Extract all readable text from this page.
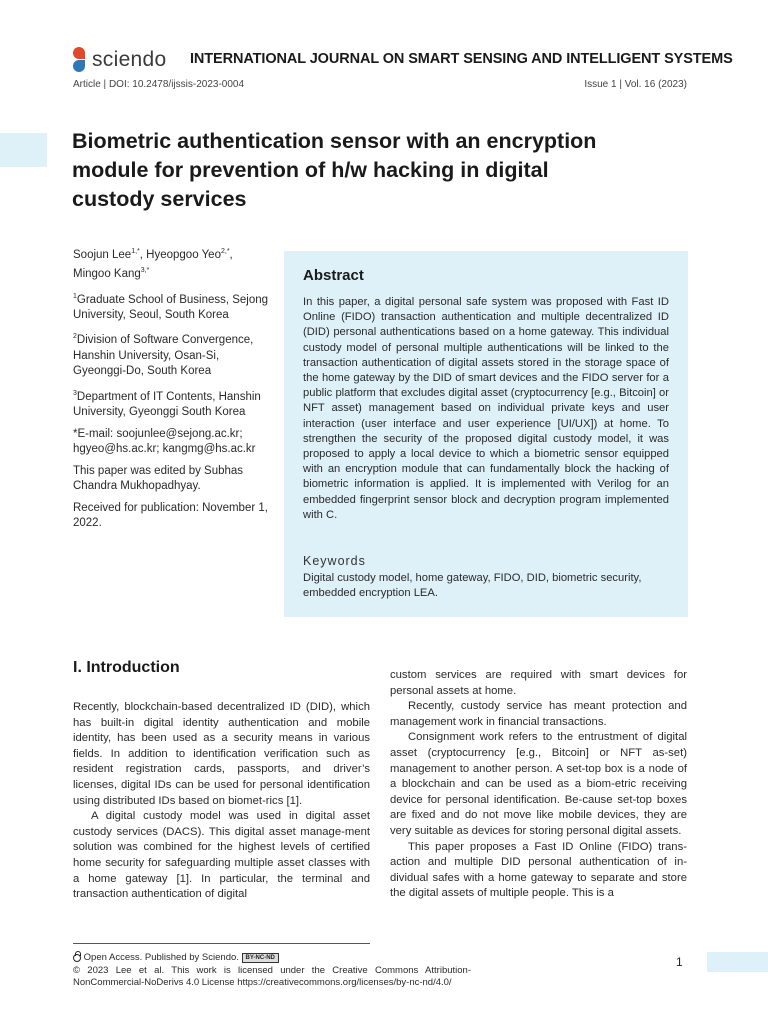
sciendo INTERNATIONAL JOURNAL ON SMART SENSING AND INTELLIGENT SYSTEMS
Article | DOI: 10.2478/ijssis-2023-0004	Issue 1 | Vol. 16 (2023)
Biometric authentication sensor with an encryption module for prevention of h/w hacking in digital custody services

Soojun Lee$^{1,*}$, Hyeopgoo Yeo$^{2,*}$,
Mingoo Kang$^{3,*}$

$^1$Graduate School of Business, Sejong University, Seoul, South Korea

$^2$Division of Software Convergence, Hanshin University, Osan-Si, Gyeonggi-Do, South Korea

$^3$Department of IT Contents, Hanshin University, Gyeonggi South Korea

*E-mail: soojunlee@sejong.ac.kr; hgyeo@hs.ac.kr; kangmg@hs.ac.kr

This paper was edited by Subhas Chandra Mukhopadhyay.

Received for publication: November 1, 2022.

Abstract

In this paper, a digital personal safe system was proposed with Fast ID Online (FIDO) transaction authentication and multiple decentralized ID (DID) personal authentications based on a home gateway. This individual custody model of personal multiple authentications will be linked to the transaction authentication of digital assets stored in the storage space of the home gateway by the DID of smart devices and the FIDO server for a public platform that excludes digital asset (cryptocurrency [e.g., Bitcoin] or NFT asset) management based on individual private keys and user interaction (user interface and user experience [UI/UX]) at home. To strengthen the security of the proposed digital custody model, it was proposed to apply a local device to which a biometric sensor equipped with an encryption module that can fundamentally block the hacking of biometric information is applied. It is implemented with Verilog for an embedded fingerprint sensor block and decryption program implemented with C.

Keywords

Digital custody model, home gateway, FIDO, DID, biometric security, embedded encryption LEA.

I. Introduction

Recently, blockchain-based decentralized ID (DID), which has built-in digital identity authentication and mobile identity, has been used as a security means in various fields. In addition to identification verification such as resident registration cards, passports, and driver’s licenses, digital IDs can be used for personal identification using distributed IDs based on biomet-rics [1].

A digital custody model was used in digital asset custody services (DACS). This digital asset manage-ment solution was combined for the highest levels of certified home security for safeguarding multiple asset classes with a home gateway [1]. In particular, the terminal and transaction authentication of digital

custom services are required with smart devices for personal assets at home.

Recently, custody service has meant protection and management work in financial transactions.

Consignment work refers to the entrustment of digital asset (cryptocurrency [e.g., Bitcoin] or NFT as-set) management to another person. A set-top box is a node of a blockchain and can be used as a biom-etric receiving device for personal identification. Be-cause set-top boxes are fixed and do not move like mobile devices, they are very suitable as devices for storing personal digital assets.

This paper proposes a Fast ID Online (FIDO) trans-action and multiple DID personal authentication of in-dividual safes with a home gateway to separate and store the digital assets of multiple people. This is a

Open Access. Published by Sciendo. BY-NC-ND

© 2023 Lee et al. This work is licensed under the Creative Commons Attribution-NonCommercial-NoDerivs 4.0 License https://creativecommons.org/licenses/by-nc-nd/4.0/

1
